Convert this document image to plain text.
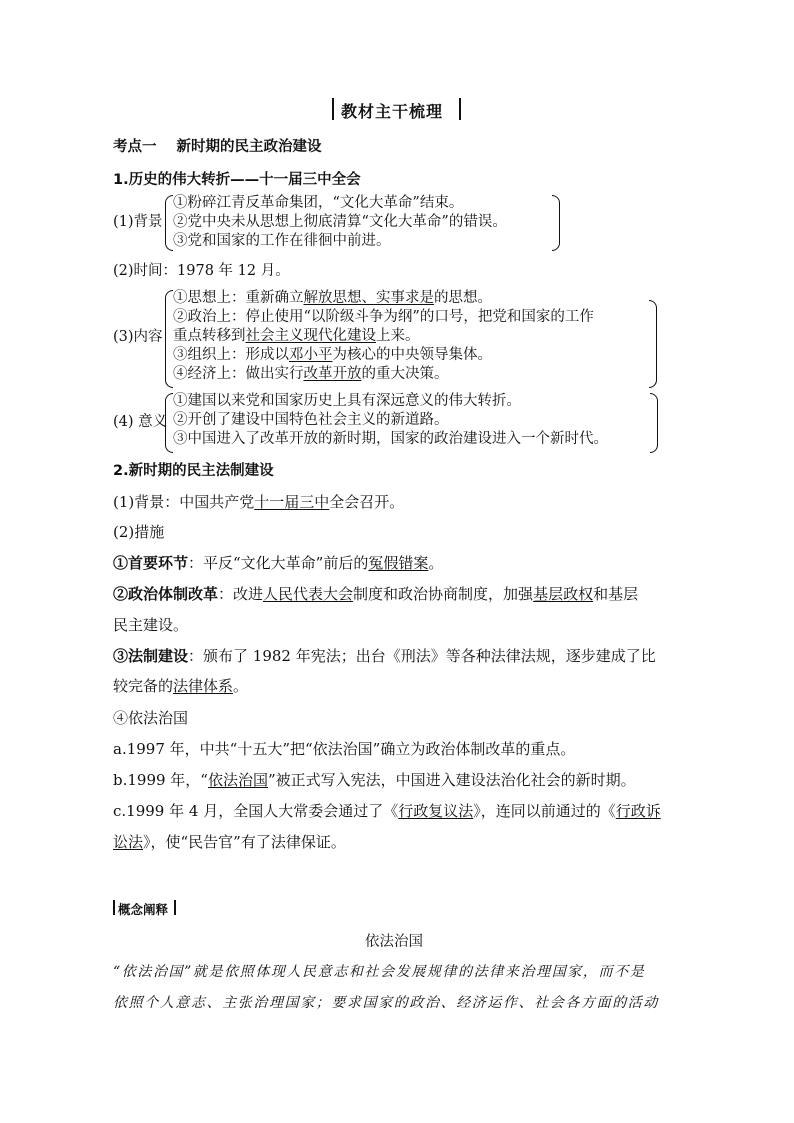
教材主干梳理
考点一 新时期的民主政治建设
1.历史的伟大转折——十一届三中全会
(1)背景
①粉碎江青反革命集团，“文化大革命”结束。
②党中央未从思想上彻底清算“文化大革命”的错误。
③党和国家的工作在徘徊中前进。
(2)时间：1978 年 12 月。
(3)内容
①思想上：重新确立解放思想、实事求是的思想。
②政治上：停止使用“以阶级斗争为纲”的口号，把党和国家的工作
重点转移到社会主义现代化建设上来。
③组织上：形成以邓小平为核心的中央领导集体。
④经济上：做出实行改革开放的重大决策。
(4) 意义
①建国以来党和国家历史上具有深远意义的伟大转折。
②开创了建设中国特色社会主义的新道路。
③中国进入了改革开放的新时期，国家的政治建设进入一个新时代。
2.新时期的民主法制建设
(1)背景：中国共产党十一届三中全会召开。
(2)措施
①首要环节：平反“文化大革命”前后的冤假错案。
②政治体制改革：改进人民代表大会制度和政治协商制度，加强基层政权和基层
民主建设。
③法制建设：颁布了 1982 年宪法；出台《刑法》等各种法律法规，逐步建成了比
较完备的法律体系。
④依法治国
a.1997 年，中共“十五大”把“依法治国”确立为政治体制改革的重点。
b.1999 年，“依法治国”被正式写入宪法，中国进入建设法治化社会的新时期。
c.1999 年 4 月，全国人大常委会通过了《行政复议法》，连同以前通过的《行政诉
讼法》，使“民告官”有了法律保证。
概念阐释
依法治国
“依法治国”就是依照体现人民意志和社会发展规律的法律来治理国家，而不是
依照个人意志、主张治理国家；要求国家的政治、经济运作、社会各方面的活动
